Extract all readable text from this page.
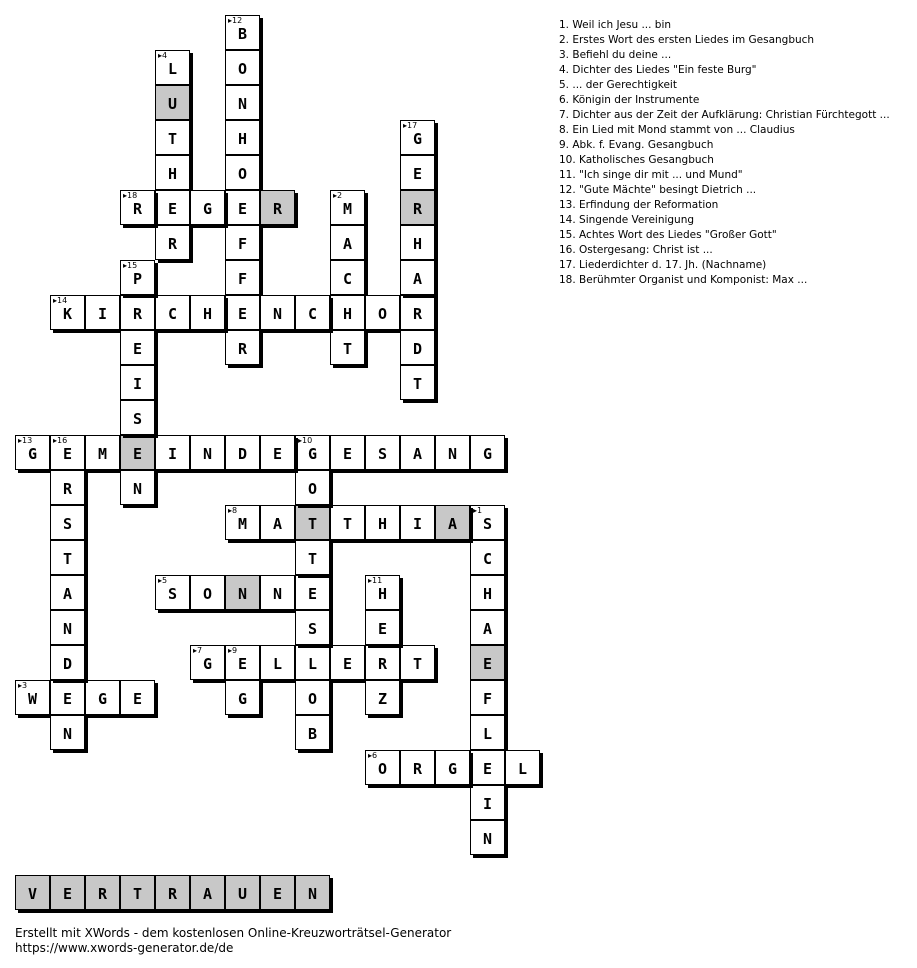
▸1
S
C
H
A
E
F
L
E
I
N
▸2
M
A
C
H
T
▸3
W E G E
▸4
L
U
T
H
E
R
▸5
S O N N E
▸6
O R G	L
▸7
G
▸9
E L L E R T
▸8
M A T T H I A
G
▸10
G
O
T
S
O
B
▸11
H
E
Z
▸12
B
O
N
H
O
E
F
F
E
R
▸13
G
▸16
E M E I N D E	E S A N G
▸14
K I R C H	N C	O R
▸15
P
E
I
S
N
R
S
T
A
N
D
N
▸17
G
E
R
H
A
D
T
▸18
R	G	R
1. Weil ich Jesu ... bin
2. Erstes Wort des ersten Liedes im Gesangbuch
3. Befiehl du deine ...
4. Dichter des Liedes "Ein feste Burg"
5. ... der Gerechtigkeit
6. Königin der Instrumente
7. Dichter aus der Zeit der Aufklärung: Christian Fürchtegott ...
8. Ein Lied mit Mond stammt von ... Claudius
9. Abk. f. Evang. Gesangbuch
10. Katholisches Gesangbuch
11. "Ich singe dir mit ... und Mund"
12. "Gute Mächte" besingt Dietrich ...
13. Erfindung der Reformation
14. Singende Vereinigung
15. Achtes Wort des Liedes "Großer Gott"
16. Ostergesang: Christ ist ...
17. Liederdichter d. 17. Jh. (Nachname)
18. Berühmter Organist und Komponist: Max ...
V E R T R A U E N
Erstellt mit XWords - dem kostenlosen Online-Kreuzworträtsel-Generator
https://www.xwords-generator.de/de
